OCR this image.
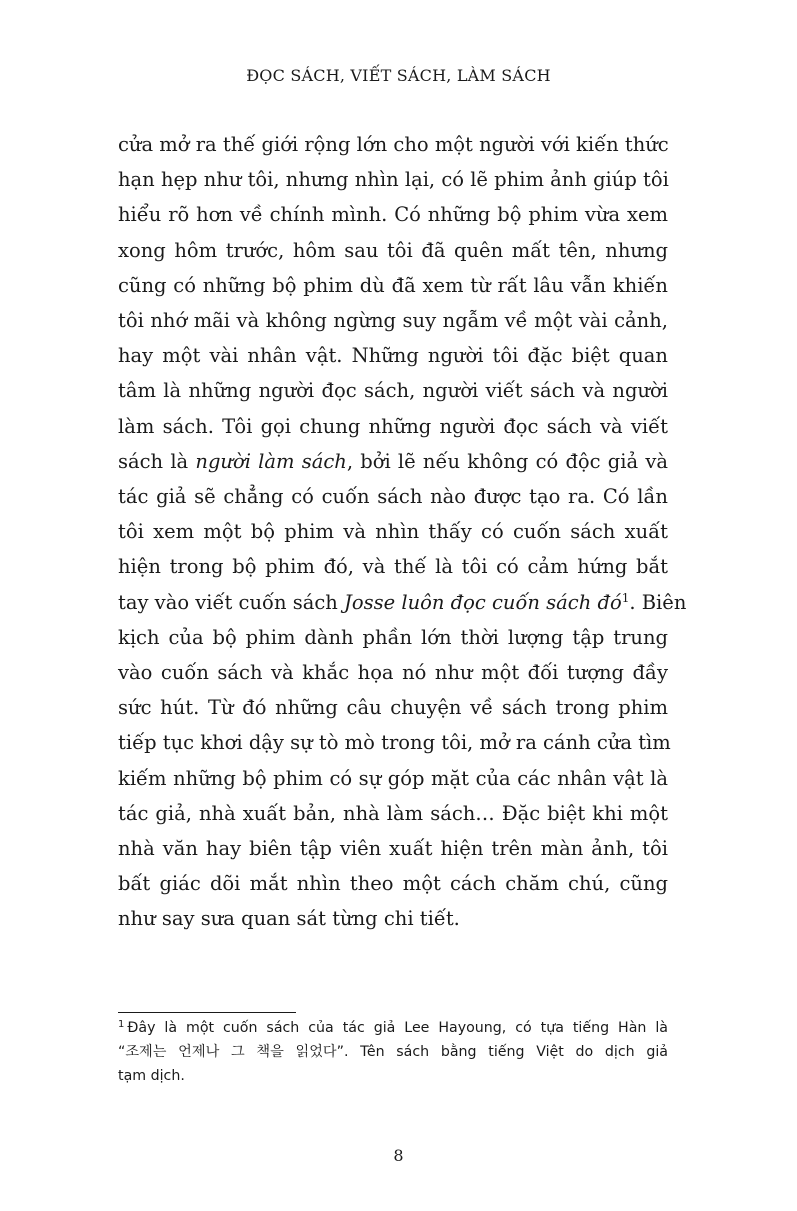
ĐỌC SÁCH, VIẾT SÁCH, LÀM SÁCH
cửa mở ra thế giới rộng lớn cho một người với kiến thức
hạn hẹp như tôi, nhưng nhìn lại, có lẽ phim ảnh giúp tôi
hiểu rõ hơn về chính mình. Có những bộ phim vừa xem
xong hôm trước, hôm sau tôi đã quên mất tên, nhưng
cũng có những bộ phim dù đã xem từ rất lâu vẫn khiến
tôi nhớ mãi và không ngừng suy ngẫm về một vài cảnh,
hay một vài nhân vật. Những người tôi đặc biệt quan
tâm là những người đọc sách, người viết sách và người
làm sách. Tôi gọi chung những người đọc sách và viết
sách là người làm sách, bởi lẽ nếu không có độc giả và
tác giả sẽ chẳng có cuốn sách nào được tạo ra. Có lần
tôi xem một bộ phim và nhìn thấy có cuốn sách xuất
hiện trong bộ phim đó, và thế là tôi có cảm hứng bắt
tay vào viết cuốn sách Josse luôn đọc cuốn sách $đó^1$. Biên
kịch của bộ phim dành phần lớn thời lượng tập trung
vào cuốn sách và khắc họa nó như một đối tượng đầy
sức hút. Từ đó những câu chuyện về sách trong phim
tiếp tục khơi dậy sự tò mò trong tôi, mở ra cánh cửa tìm
kiếm những bộ phim có sự góp mặt của các nhân vật là
tác giả, nhà xuất bản, nhà làm sách… Đặc biệt khi một
nhà văn hay biên tập viên xuất hiện trên màn ảnh, tôi
bất giác dõi mắt nhìn theo một cách chăm chú, cũng
như say sưa quan sát từng chi tiết.
$^1$ Đây là một cuốn sách của tác giả Lee Hayoung, có tựa tiếng Hàn là
“조제는 언제나 그 책을 읽었다”. Tên sách bằng tiếng Việt do dịch giả
tạm dịch.
8
